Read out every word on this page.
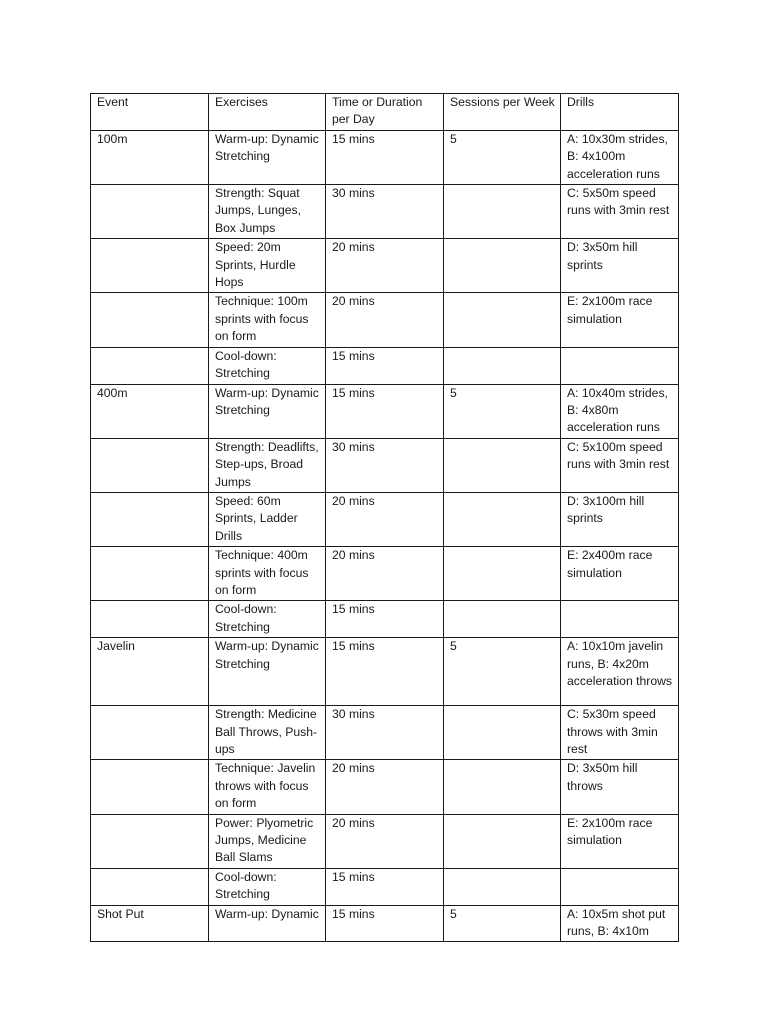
Event	Exercises	Time or Duration per Day	Sessions per Week	Drills
100m	Warm-up: Dynamic Stretching	15 mins	5	A: 10x30m strides, B: 4x100m acceleration runs
	Strength: Squat Jumps, Lunges, Box Jumps	30 mins		C: 5x50m speed runs with 3min rest
	Speed: 20m Sprints, Hurdle Hops	20 mins		D: 3x50m hill sprints
	Technique: 100m sprints with focus on form	20 mins		E: 2x100m race simulation
	Cool-down: Stretching	15 mins		
400m	Warm-up: Dynamic Stretching	15 mins	5	A: 10x40m strides, B: 4x80m acceleration runs
	Strength: Deadlifts, Step-ups, Broad Jumps	30 mins		C: 5x100m speed runs with 3min rest
	Speed: 60m Sprints, Ladder Drills	20 mins		D: 3x100m hill sprints
	Technique: 400m sprints with focus on form	20 mins		E: 2x400m race simulation
	Cool-down: Stretching	15 mins		
Javelin	Warm-up: Dynamic Stretching	15 mins	5	A: 10x10m javelin runs, B: 4x20m acceleration throws
	Strength: Medicine Ball Throws, Push-ups	30 mins		C: 5x30m speed throws with 3min rest
	Technique: Javelin throws with focus on form	20 mins		D: 3x50m hill throws
	Power: Plyometric Jumps, Medicine Ball Slams	20 mins		E: 2x100m race simulation
	Cool-down: Stretching	15 mins		
Shot Put	Warm-up: Dynamic	15 mins	5	A: 10x5m shot put runs, B: 4x10m
